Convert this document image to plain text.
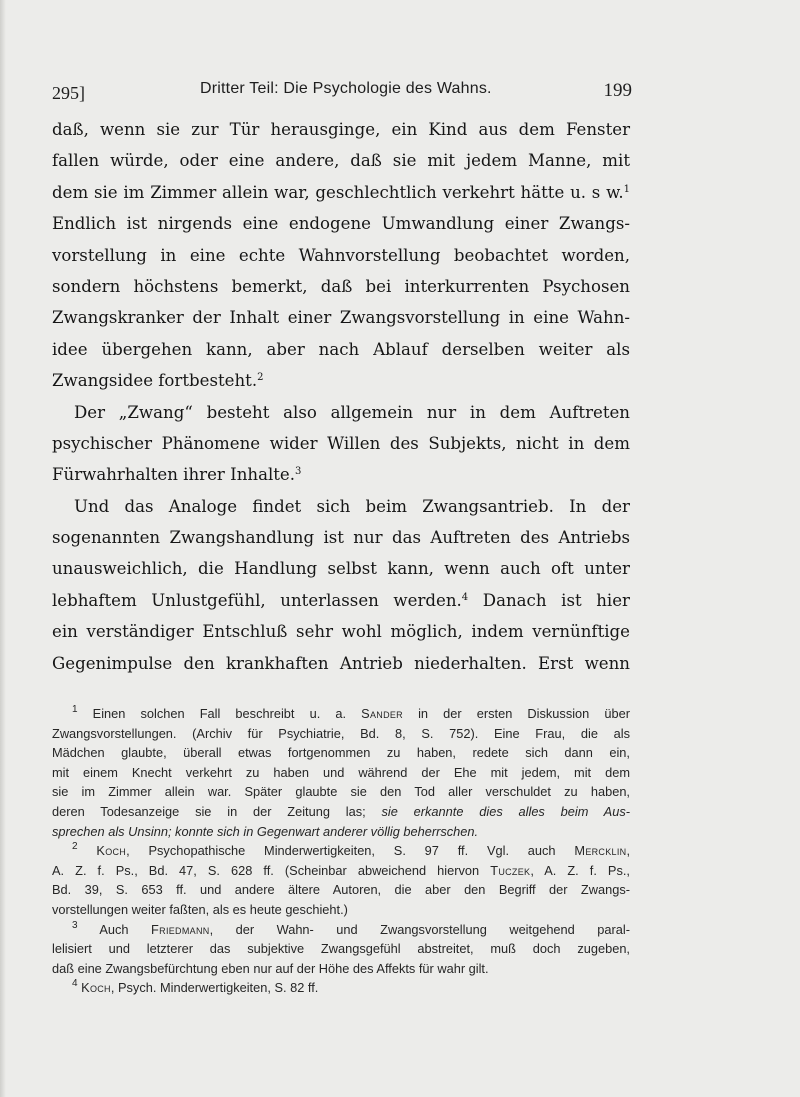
295]	Dritter Teil: Die Psychologie des Wahns.	199
daß, wenn sie zur Tür herausginge, ein Kind aus dem Fenster
fallen würde, oder eine andere, daß sie mit jedem Manne, mit
dem sie im Zimmer allein war, geschlechtlich verkehrt hätte u. s w.$^1$
Endlich ist nirgends eine endogene Umwandlung einer Zwangs-
vorstellung in eine echte Wahnvorstellung beobachtet worden,
sondern höchstens bemerkt, daß bei interkurrenten Psychosen
Zwangskranker der Inhalt einer Zwangsvorstellung in eine Wahn-
idee übergehen kann, aber nach Ablauf derselben weiter als
Zwangsidee fortbesteht.$^2$
Der „Zwang“ besteht also allgemein nur in dem Auftreten
psychischer Phänomene wider Willen des Subjekts, nicht in dem
Fürwahrhalten ihrer Inhalte.$^3$
Und das Analoge findet sich beim Zwangsantrieb. In der
sogenannten Zwangshandlung ist nur das Auftreten des Antriebs
unausweichlich, die Handlung selbst kann, wenn auch oft unter
lebhaftem Unlustgefühl, unterlassen werden.$^4$ Danach ist hier
ein verständiger Entschluß sehr wohl möglich, indem vernünftige
Gegenimpulse den krankhaften Antrieb niederhalten. Erst wenn
$^1$ Einen solchen Fall beschreibt u. a. Sander in der ersten Diskussion über
Zwangsvorstellungen. (Archiv für Psychiatrie, Bd. 8, S. 752). Eine Frau, die als
Mädchen glaubte, überall etwas fortgenommen zu haben, redete sich dann ein,
mit einem Knecht verkehrt zu haben und während der Ehe mit jedem, mit dem
sie im Zimmer allein war. Später glaubte sie den Tod aller verschuldet zu haben,
deren Todesanzeige sie in der Zeitung las; sie erkannte dies alles beim Aus-
sprechen als Unsinn; konnte sich in Gegenwart anderer völlig beherrschen.
$^2$ Koch, Psychopathische Minderwertigkeiten, S. 97 ff. Vgl. auch Mercklin,
A. Z. f. Ps., Bd. 47, S. 628 ff. (Scheinbar abweichend hiervon Tuczek, A. Z. f. Ps.,
Bd. 39, S. 653 ff. und andere ältere Autoren, die aber den Begriff der Zwangs-
vorstellungen weiter faßten, als es heute geschieht.)
$^3$ Auch Friedmann, der Wahn- und Zwangsvorstellung weitgehend paral-
lelisiert und letzterer das subjektive Zwangsgefühl abstreitet, muß doch zugeben,
daß eine Zwangsbefürchtung eben nur auf der Höhe des Affekts für wahr gilt.
$^4$ Koch, Psych. Minderwertigkeiten, S. 82 ff.
